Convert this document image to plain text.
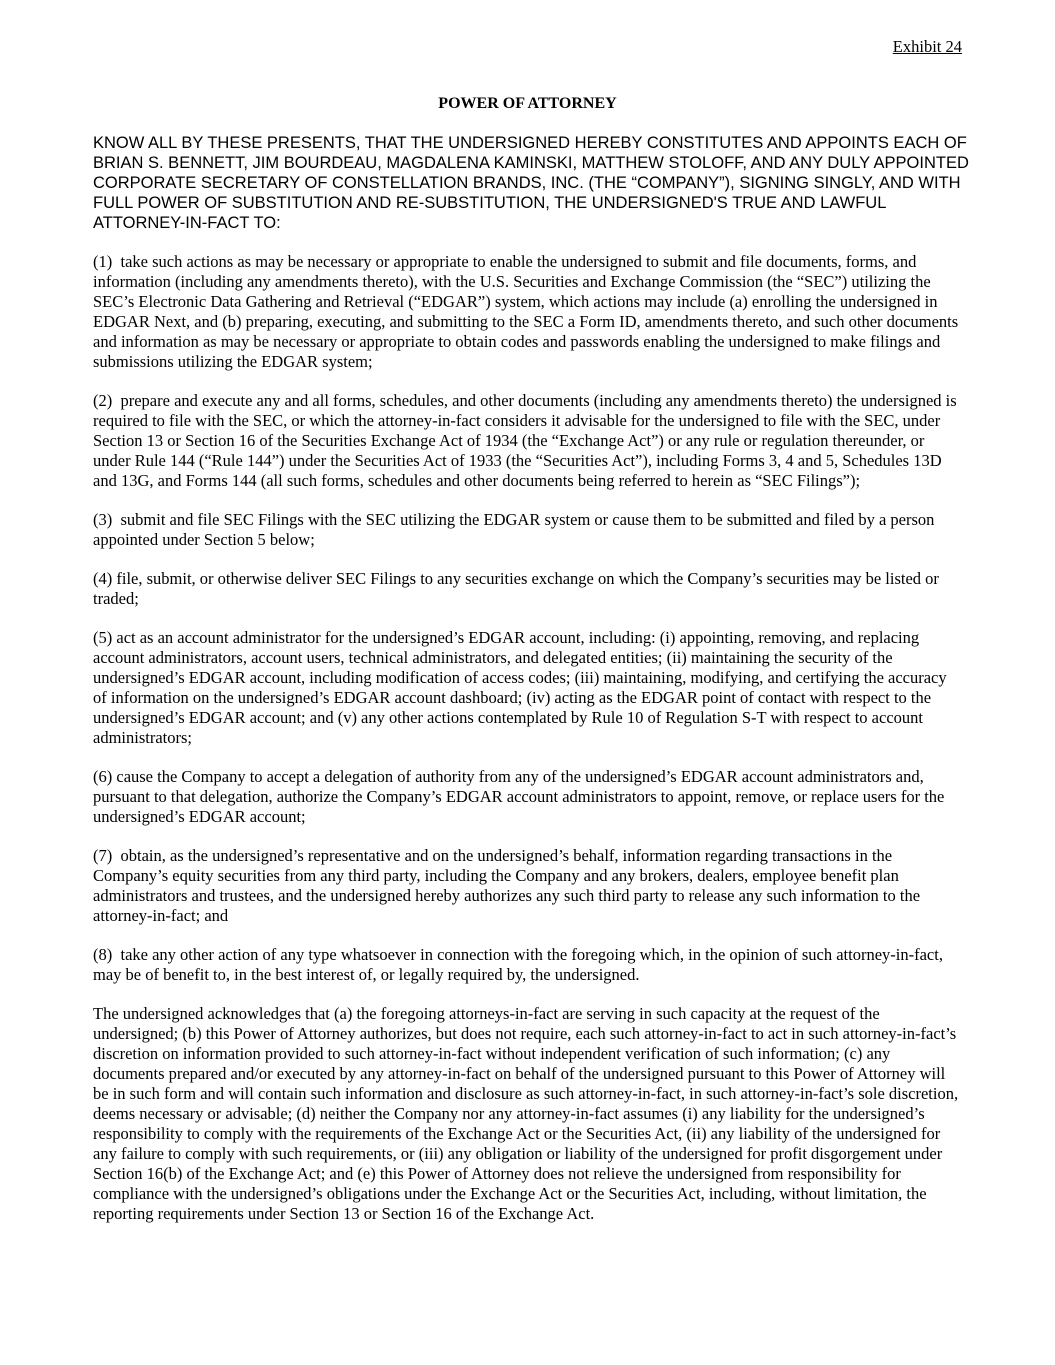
Exhibit 24
POWER OF ATTORNEY
KNOW ALL BY THESE PRESENTS, THAT THE UNDERSIGNED HEREBY CONSTITUTES AND APPOINTS EACH OF BRIAN S. BENNETT, JIM BOURDEAU, MAGDALENA KAMINSKI, MATTHEW STOLOFF, AND ANY DULY APPOINTED CORPORATE SECRETARY OF CONSTELLATION BRANDS, INC. (THE “COMPANY”), SIGNING SINGLY, AND WITH FULL POWER OF SUBSTITUTION AND RE-SUBSTITUTION, THE UNDERSIGNED'S TRUE AND LAWFUL ATTORNEY-IN-FACT TO:

(1)  take such actions as may be necessary or appropriate to enable the undersigned to submit and file documents, forms, and information (including any amendments thereto), with the U.S. Securities and Exchange Commission (the “SEC”) utilizing the SEC’s Electronic Data Gathering and Retrieval (“EDGAR”) system, which actions may include (a) enrolling the undersigned in EDGAR Next, and (b) preparing, executing, and submitting to the SEC a Form ID, amendments thereto, and such other documents and information as may be necessary or appropriate to obtain codes and passwords enabling the undersigned to make filings and submissions utilizing the EDGAR system;

(2)  prepare and execute any and all forms, schedules, and other documents (including any amendments thereto) the undersigned is required to file with the SEC, or which the attorney-in-fact considers it advisable for the undersigned to file with the SEC, under Section 13 or Section 16 of the Securities Exchange Act of 1934 (the “Exchange Act”) or any rule or regulation thereunder, or under Rule 144 (“Rule 144”) under the Securities Act of 1933 (the “Securities Act”), including Forms 3, 4 and 5, Schedules 13D and 13G, and Forms 144 (all such forms, schedules and other documents being referred to herein as “SEC Filings”);

(3)  submit and file SEC Filings with the SEC utilizing the EDGAR system or cause them to be submitted and filed by a person appointed under Section 5 below;

(4) file, submit, or otherwise deliver SEC Filings to any securities exchange on which the Company’s securities may be listed or traded;

(5) act as an account administrator for the undersigned’s EDGAR account, including: (i) appointing, removing, and replacing account administrators, account users, technical administrators, and delegated entities; (ii) maintaining the security of the undersigned’s EDGAR account, including modification of access codes; (iii) maintaining, modifying, and certifying the accuracy of information on the undersigned’s EDGAR account dashboard; (iv) acting as the EDGAR point of contact with respect to the undersigned’s EDGAR account; and (v) any other actions contemplated by Rule 10 of Regulation S-T with respect to account administrators;

(6) cause the Company to accept a delegation of authority from any of the undersigned’s EDGAR account administrators and, pursuant to that delegation, authorize the Company’s EDGAR account administrators to appoint, remove, or replace users for the undersigned’s EDGAR account;

(7)  obtain, as the undersigned’s representative and on the undersigned’s behalf, information regarding transactions in the Company’s equity securities from any third party, including the Company and any brokers, dealers, employee benefit plan administrators and trustees, and the undersigned hereby authorizes any such third party to release any such information to the attorney-in-fact; and

(8)  take any other action of any type whatsoever in connection with the foregoing which, in the opinion of such attorney-in-fact, may be of benefit to, in the best interest of, or legally required by, the undersigned.

The undersigned acknowledges that (a) the foregoing attorneys-in-fact are serving in such capacity at the request of the undersigned; (b) this Power of Attorney authorizes, but does not require, each such attorney-in-fact to act in such attorney-in-fact’s discretion on information provided to such attorney-in-fact without independent verification of such information; (c) any documents prepared and/or executed by any attorney-in-fact on behalf of the undersigned pursuant to this Power of Attorney will be in such form and will contain such information and disclosure as such attorney-in-fact, in such attorney-in-fact’s sole discretion, deems necessary or advisable; (d) neither the Company nor any attorney-in-fact assumes (i) any liability for the undersigned’s responsibility to comply with the requirements of the Exchange Act or the Securities Act, (ii) any liability of the undersigned for any failure to comply with such requirements, or (iii) any obligation or liability of the undersigned for profit disgorgement under Section 16(b) of the Exchange Act; and (e) this Power of Attorney does not relieve the undersigned from responsibility for compliance with the undersigned’s obligations under the Exchange Act or the Securities Act, including, without limitation, the reporting requirements under Section 13 or Section 16 of the Exchange Act.
